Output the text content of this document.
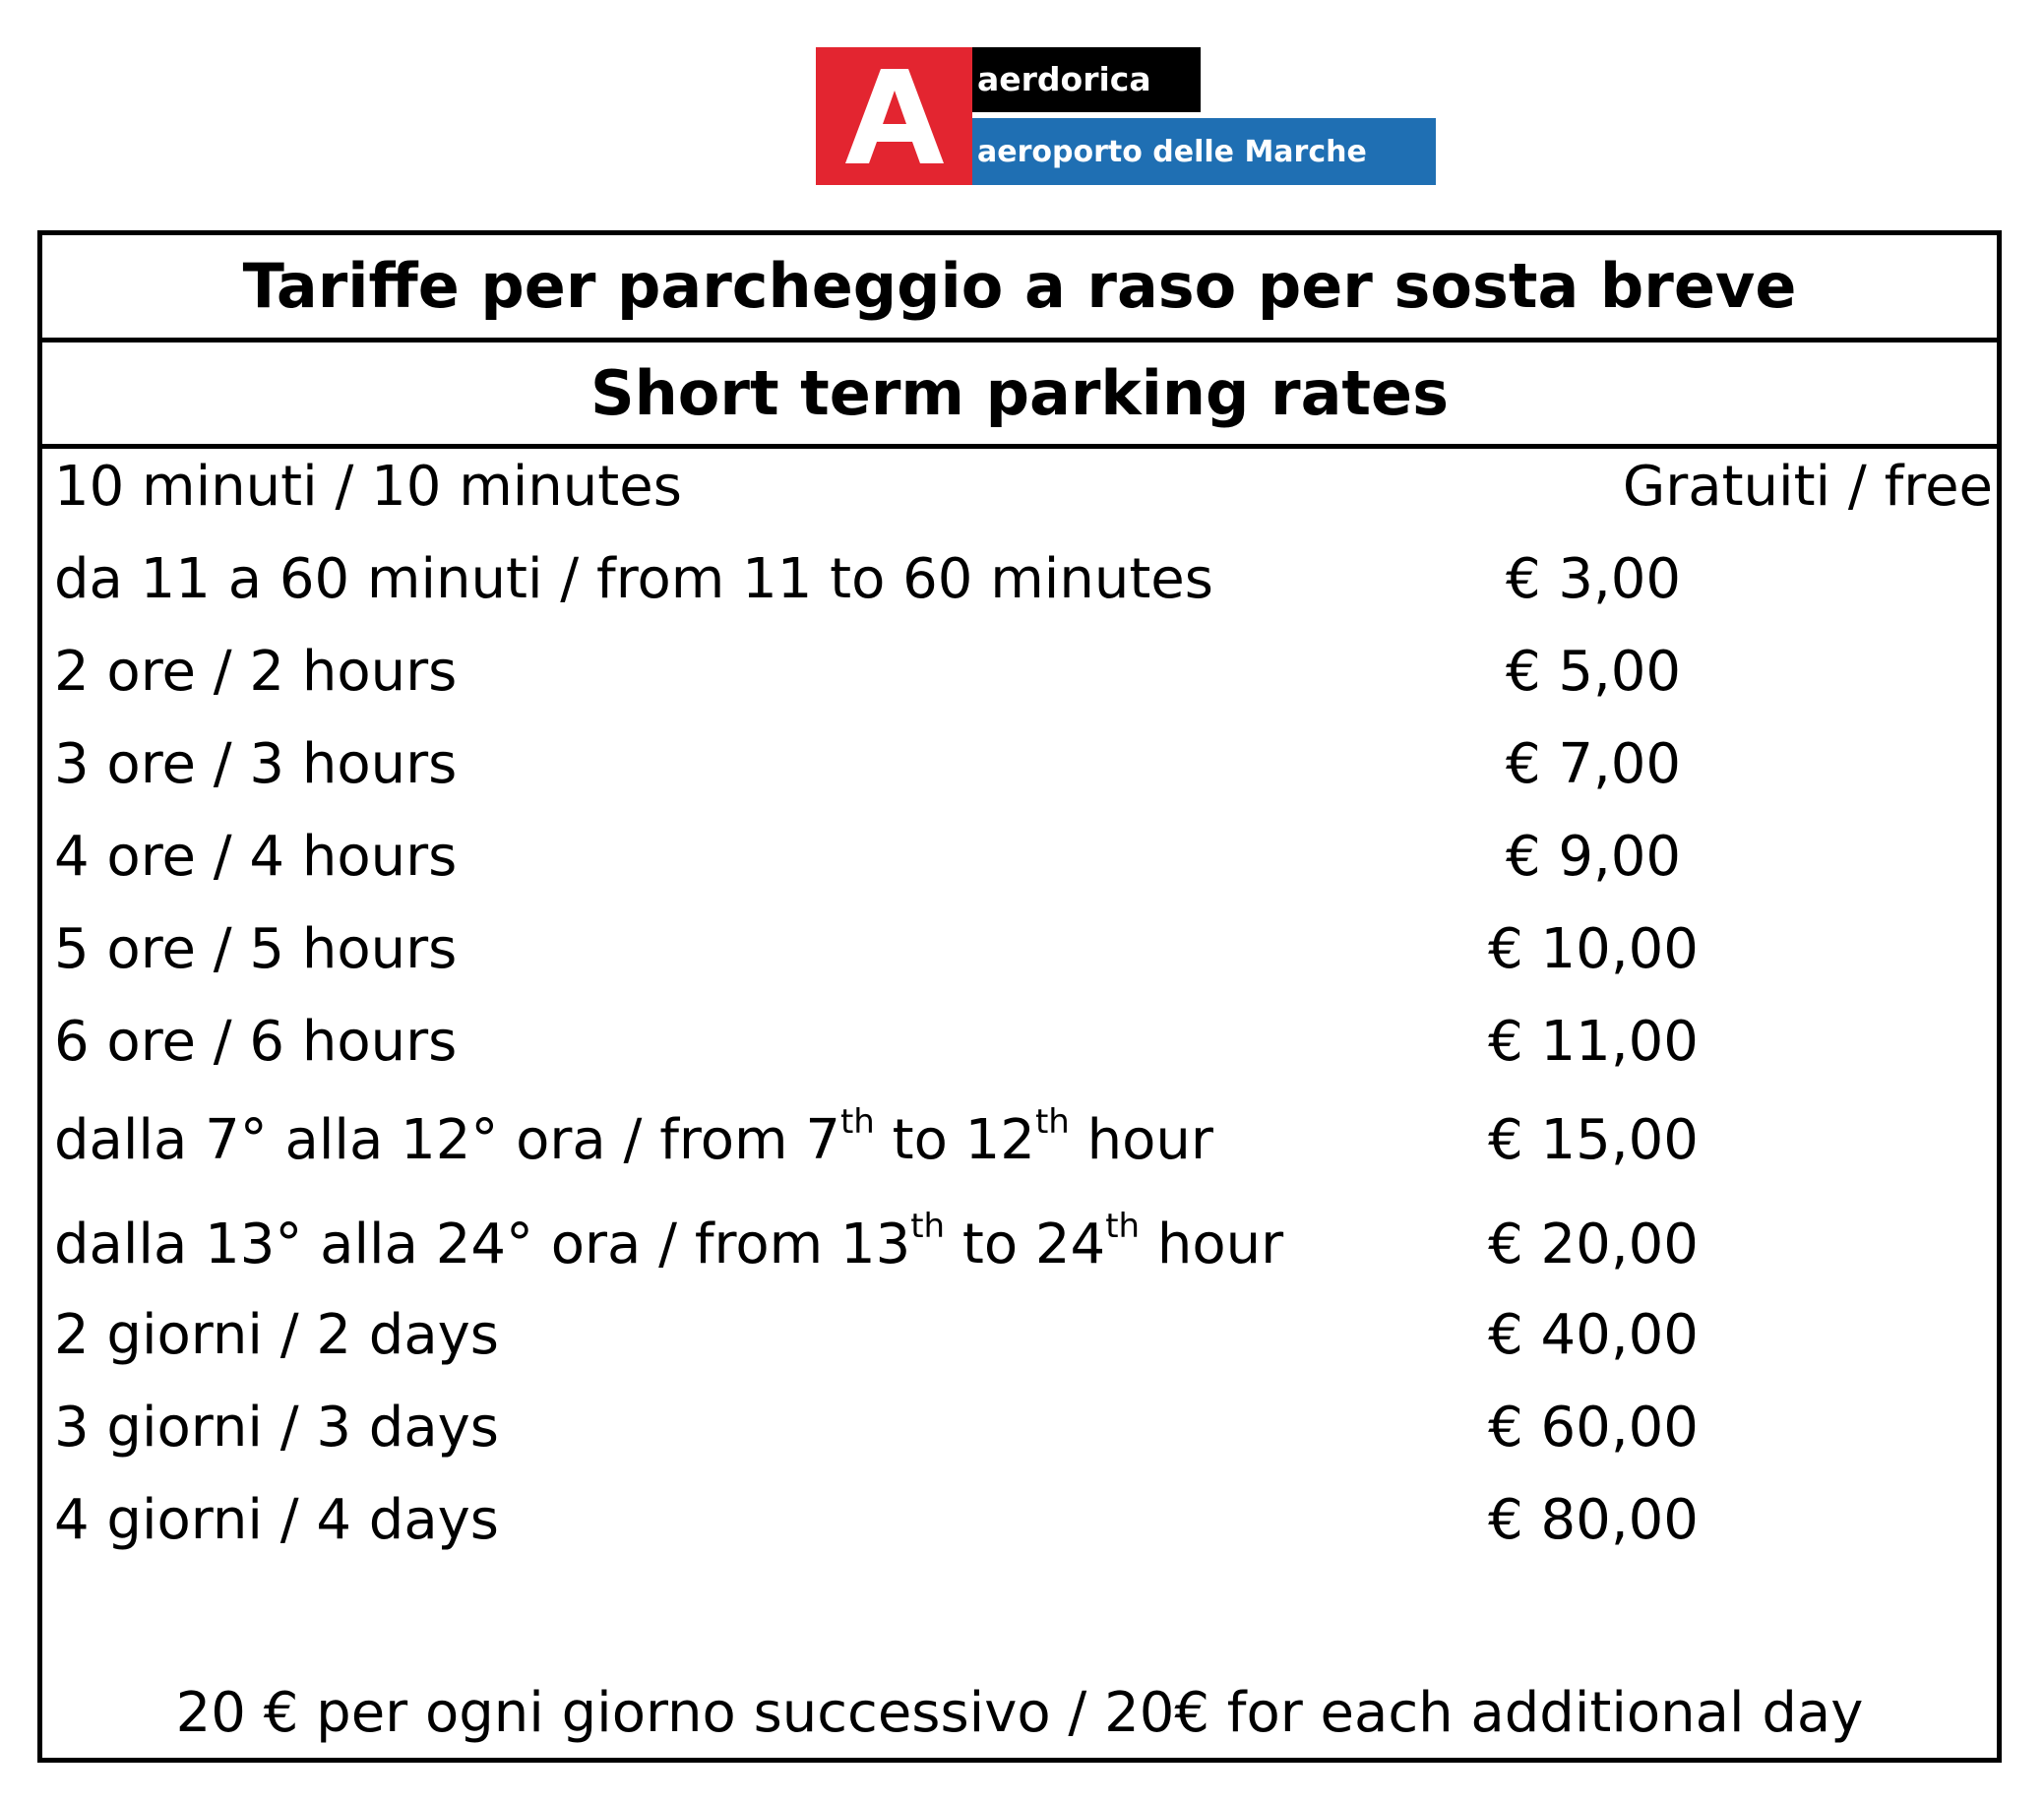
aerdorica
aeroporto delle Marche
Tariffe per parcheggio a raso per sosta breve
Short term parking rates
10 minuti / 10 minutes	Gratuiti / free
da 11 a 60 minuti / from 11 to 60 minutes	€ 3,00
2 ore / 2 hours	€ 5,00
3 ore / 3 hours	€ 7,00
4 ore / 4 hours	€ 9,00
5 ore / 5 hours	€ 10,00
6 ore / 6 hours	€ 11,00
dalla 7° alla 12° ora / from 7th to 12th hour	€ 15,00
dalla 13° alla 24° ora / from 13th to 24th hour	€ 20,00
2 giorni / 2 days	€ 40,00
3 giorni / 3 days	€ 60,00
4 giorni / 4 days	€ 80,00
20 € per ogni giorno successivo / 20€ for each additional day
